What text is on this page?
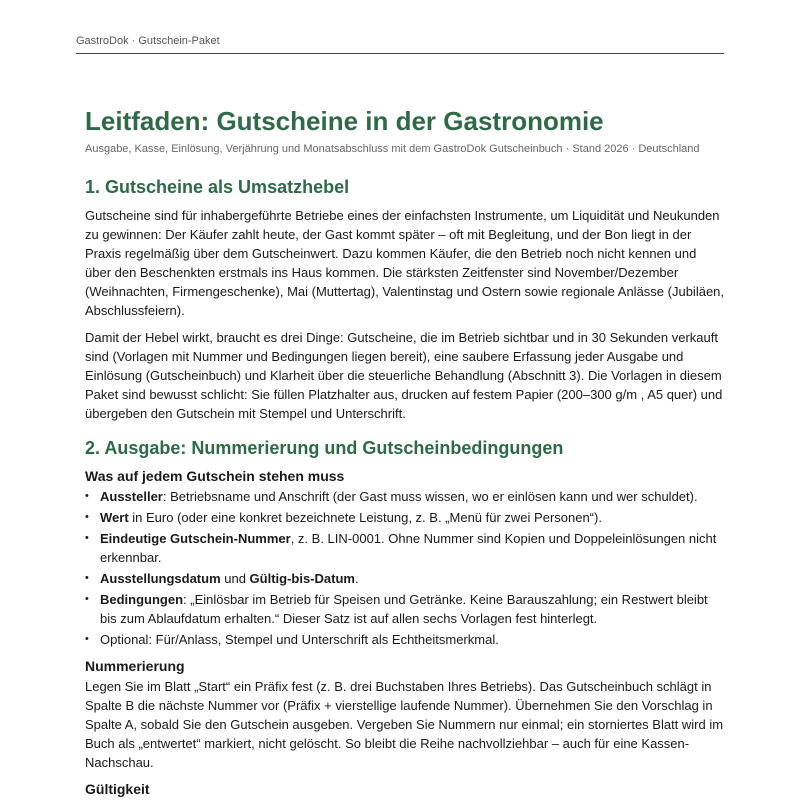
GastroDok · Gutschein-Paket
Leitfaden: Gutscheine in der Gastronomie
Ausgabe, Kasse, Einlösung, Verjährung und Monatsabschluss mit dem GastroDok Gutscheinbuch · Stand 2026 · Deutschland
1. Gutscheine als Umsatzhebel

Gutscheine sind für inhabergeführte Betriebe eines der einfachsten Instrumente, um Liquidität und Neukunden zu gewinnen: Der Käufer zahlt heute, der Gast kommt später – oft mit Begleitung, und der Bon liegt in der Praxis regelmäßig über dem Gutscheinwert. Dazu kommen Käufer, die den Betrieb noch nicht kennen und über den Beschenkten erstmals ins Haus kommen. Die stärksten Zeitfenster sind November/Dezember (Weihnachten, Firmengeschenke), Mai (Muttertag), Valentinstag und Ostern sowie regionale Anlässe (Jubiläen, Abschlussfeiern).

Damit der Hebel wirkt, braucht es drei Dinge: Gutscheine, die im Betrieb sichtbar und in 30 Sekunden verkauft sind (Vorlagen mit Nummer und Bedingungen liegen bereit), eine saubere Erfassung jeder Ausgabe und Einlösung (Gutscheinbuch) und Klarheit über die steuerliche Behandlung (Abschnitt 3). Die Vorlagen in diesem Paket sind bewusst schlicht: Sie füllen Platzhalter aus, drucken auf festem Papier (200–300 g/m , A5 quer) und übergeben den Gutschein mit Stempel und Unterschrift.

2. Ausgabe: Nummerierung und Gutscheinbedingungen
Was auf jedem Gutschein stehen muss
• Aussteller: Betriebsname und Anschrift (der Gast muss wissen, wo er einlösen kann und wer schuldet).
• Wert in Euro (oder eine konkret bezeichnete Leistung, z. B. „Menü für zwei Personen“).
• Eindeutige Gutschein-Nummer, z. B. LIN-0001. Ohne Nummer sind Kopien und Doppeleinlösungen nicht erkennbar.
• Ausstellungsdatum und Gültig-bis-Datum.
• Bedingungen: „Einlösbar im Betrieb für Speisen und Getränke. Keine Barauszahlung; ein Restwert bleibt bis zum Ablaufdatum erhalten.“ Dieser Satz ist auf allen sechs Vorlagen fest hinterlegt.
• Optional: Für/Anlass, Stempel und Unterschrift als Echtheitsmerkmal.
Nummerierung

Legen Sie im Blatt „Start“ ein Präfix fest (z. B. drei Buchstaben Ihres Betriebs). Das Gutscheinbuch schlägt in Spalte B die nächste Nummer vor (Präfix + vierstellige laufende Nummer). Übernehmen Sie den Vorschlag in Spalte A, sobald Sie den Gutschein ausgeben. Vergeben Sie Nummern nur einmal; ein storniertes Blatt wird im Buch als „entwertet“ markiert, nicht gelöscht. So bleibt die Reihe nachvollziehbar – auch für eine Kassen-Nachschau.

Gültigkeit
